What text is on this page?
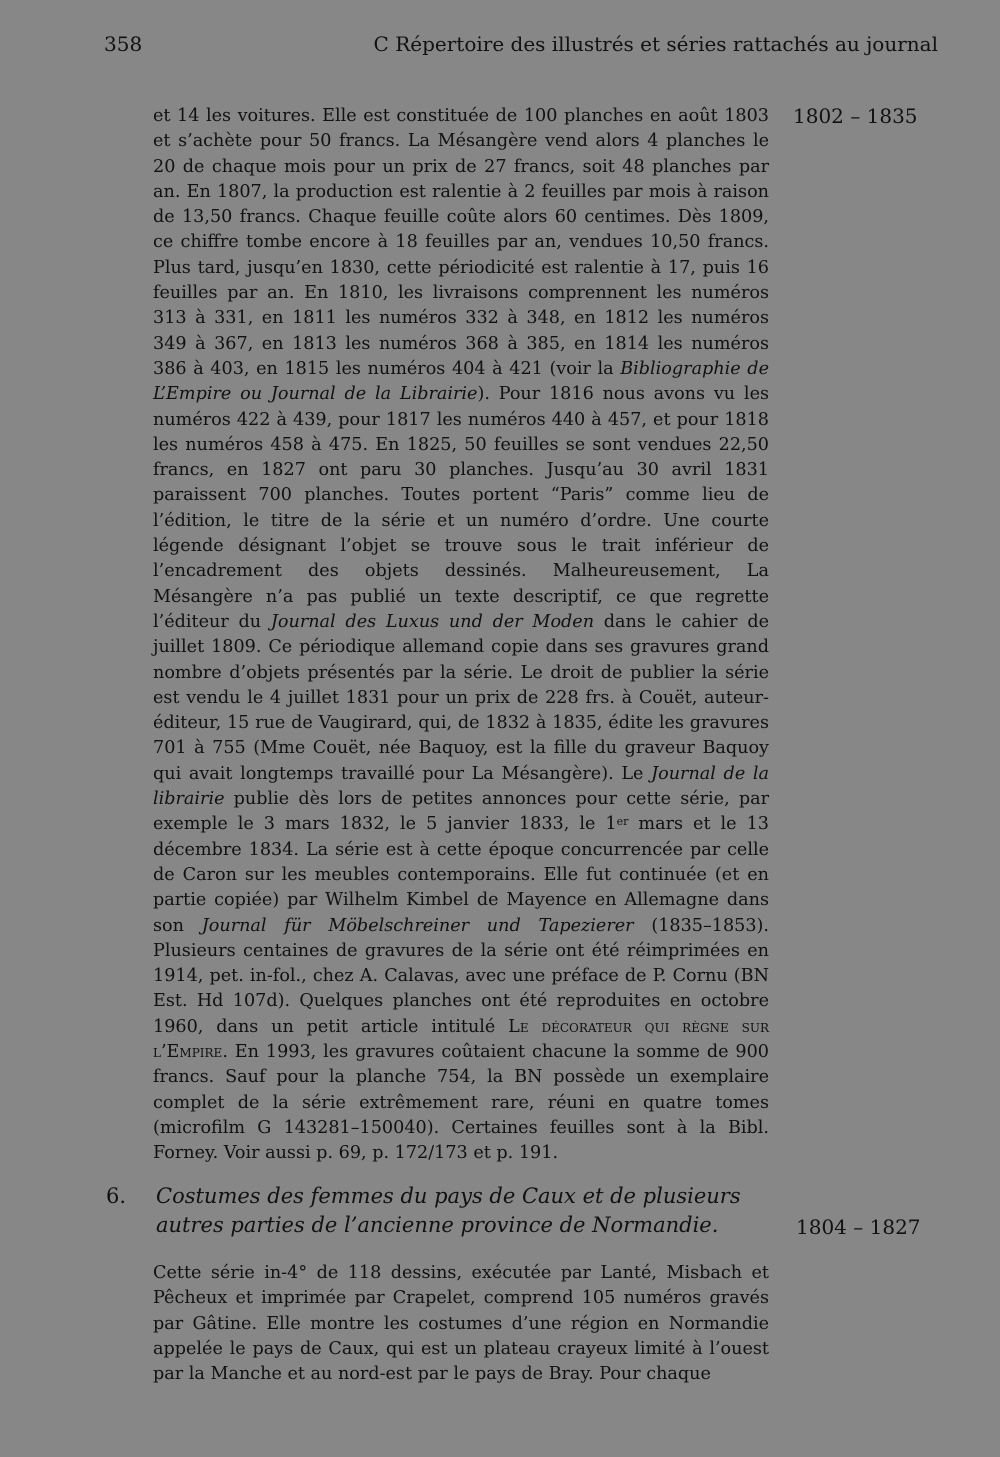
358	C Répertoire des illustrés et séries rattachés au journal
1802 – 1835

et 14 les voitures. Elle est constituée de 100 planches en août 1803 et s’achète pour 50 francs. La Mésangère vend alors 4 planches le 20 de chaque mois pour un prix de 27 francs, soit 48 planches par an. En 1807, la production est ralentie à 2 feuilles par mois à raison de 13,50 francs. Chaque feuille coûte alors 60 centimes. Dès 1809, ce chiffre tombe encore à 18 feuilles par an, vendues 10,50 francs. Plus tard, jusqu’en 1830, cette périodicité est ralentie à 17, puis 16 feuilles par an. En 1810, les livraisons comprennent les numéros 313 à 331, en 1811 les numéros 332 à 348, en 1812 les numéros 349 à 367, en 1813 les numéros 368 à 385, en 1814 les numéros 386 à 403, en 1815 les numéros 404 à 421 (voir la Bibliographie de L’Empire ou Journal de la Librairie). Pour 1816 nous avons vu les numéros 422 à 439, pour 1817 les numéros 440 à 457, et pour 1818 les numéros 458 à 475. En 1825, 50 feuilles se sont vendues 22,50 francs, en 1827 ont paru 30 planches. Jusqu’au 30 avril 1831 paraissent 700 planches. Toutes portent “Paris” comme lieu de l’édition, le titre de la série et un numéro d’ordre. Une courte légende désignant l’objet se trouve sous le trait inférieur de l’encadrement des objets dessinés. Malheureusement, La Mésangère n’a pas publié un texte descriptif, ce que regrette l’éditeur du Journal des Luxus und der Moden dans le cahier de juillet 1809. Ce périodique allemand copie dans ses gravures grand nombre d’objets présentés par la série. Le droit de publier la série est vendu le 4 juillet 1831 pour un prix de 228 frs. à Couët, auteur-éditeur, 15 rue de Vaugirard, qui, de 1832 à 1835, édite les gravures 701 à 755 (Mme Couët, née Baquoy, est la fille du graveur Baquoy qui avait longtemps travaillé pour La Mésangère). Le Journal de la librairie publie dès lors de petites annonces pour cette série, par exemple le 3 mars 1832, le 5 janvier 1833, le 1er mars et le 13 décembre 1834. La série est à cette époque concurrencée par celle de Caron sur les meubles contemporains. Elle fut continuée (et en partie copiée) par Wilhelm Kimbel de Mayence en Allemagne dans son Journal für Möbelschreiner und Tapezierer (1835–1853). Plusieurs centaines de gravures de la série ont été réimprimées en 1914, pet. in-fol., chez A. Calavas, avec une préface de P. Cornu (BN Est. Hd 107d). Quelques planches ont été reproduites en octobre 1960, dans un petit article intitulé Le décorateur qui règne sur l’Empire. En 1993, les gravures coûtaient chacune la somme de 900 francs. Sauf pour la planche 754, la BN possède un exemplaire complet de la série extrêmement rare, réuni en quatre tomes (microfilm G 143281–150040). Certaines feuilles sont à la Bibl. Forney. Voir aussi p. 69, p. 172/173 et p. 191.

6. Costumes des femmes du pays de Caux et de plusieurs autres parties de l’ancienne province de Normandie.	1804 – 1827

Cette série in-4° de 118 dessins, exécutée par Lanté, Misbach et Pêcheux et imprimée par Crapelet, comprend 105 numéros gravés par Gâtine. Elle montre les costumes d’une région en Normandie appelée le pays de Caux, qui est un plateau crayeux limité à l’ouest par la Manche et au nord-est par le pays de Bray. Pour chaque
